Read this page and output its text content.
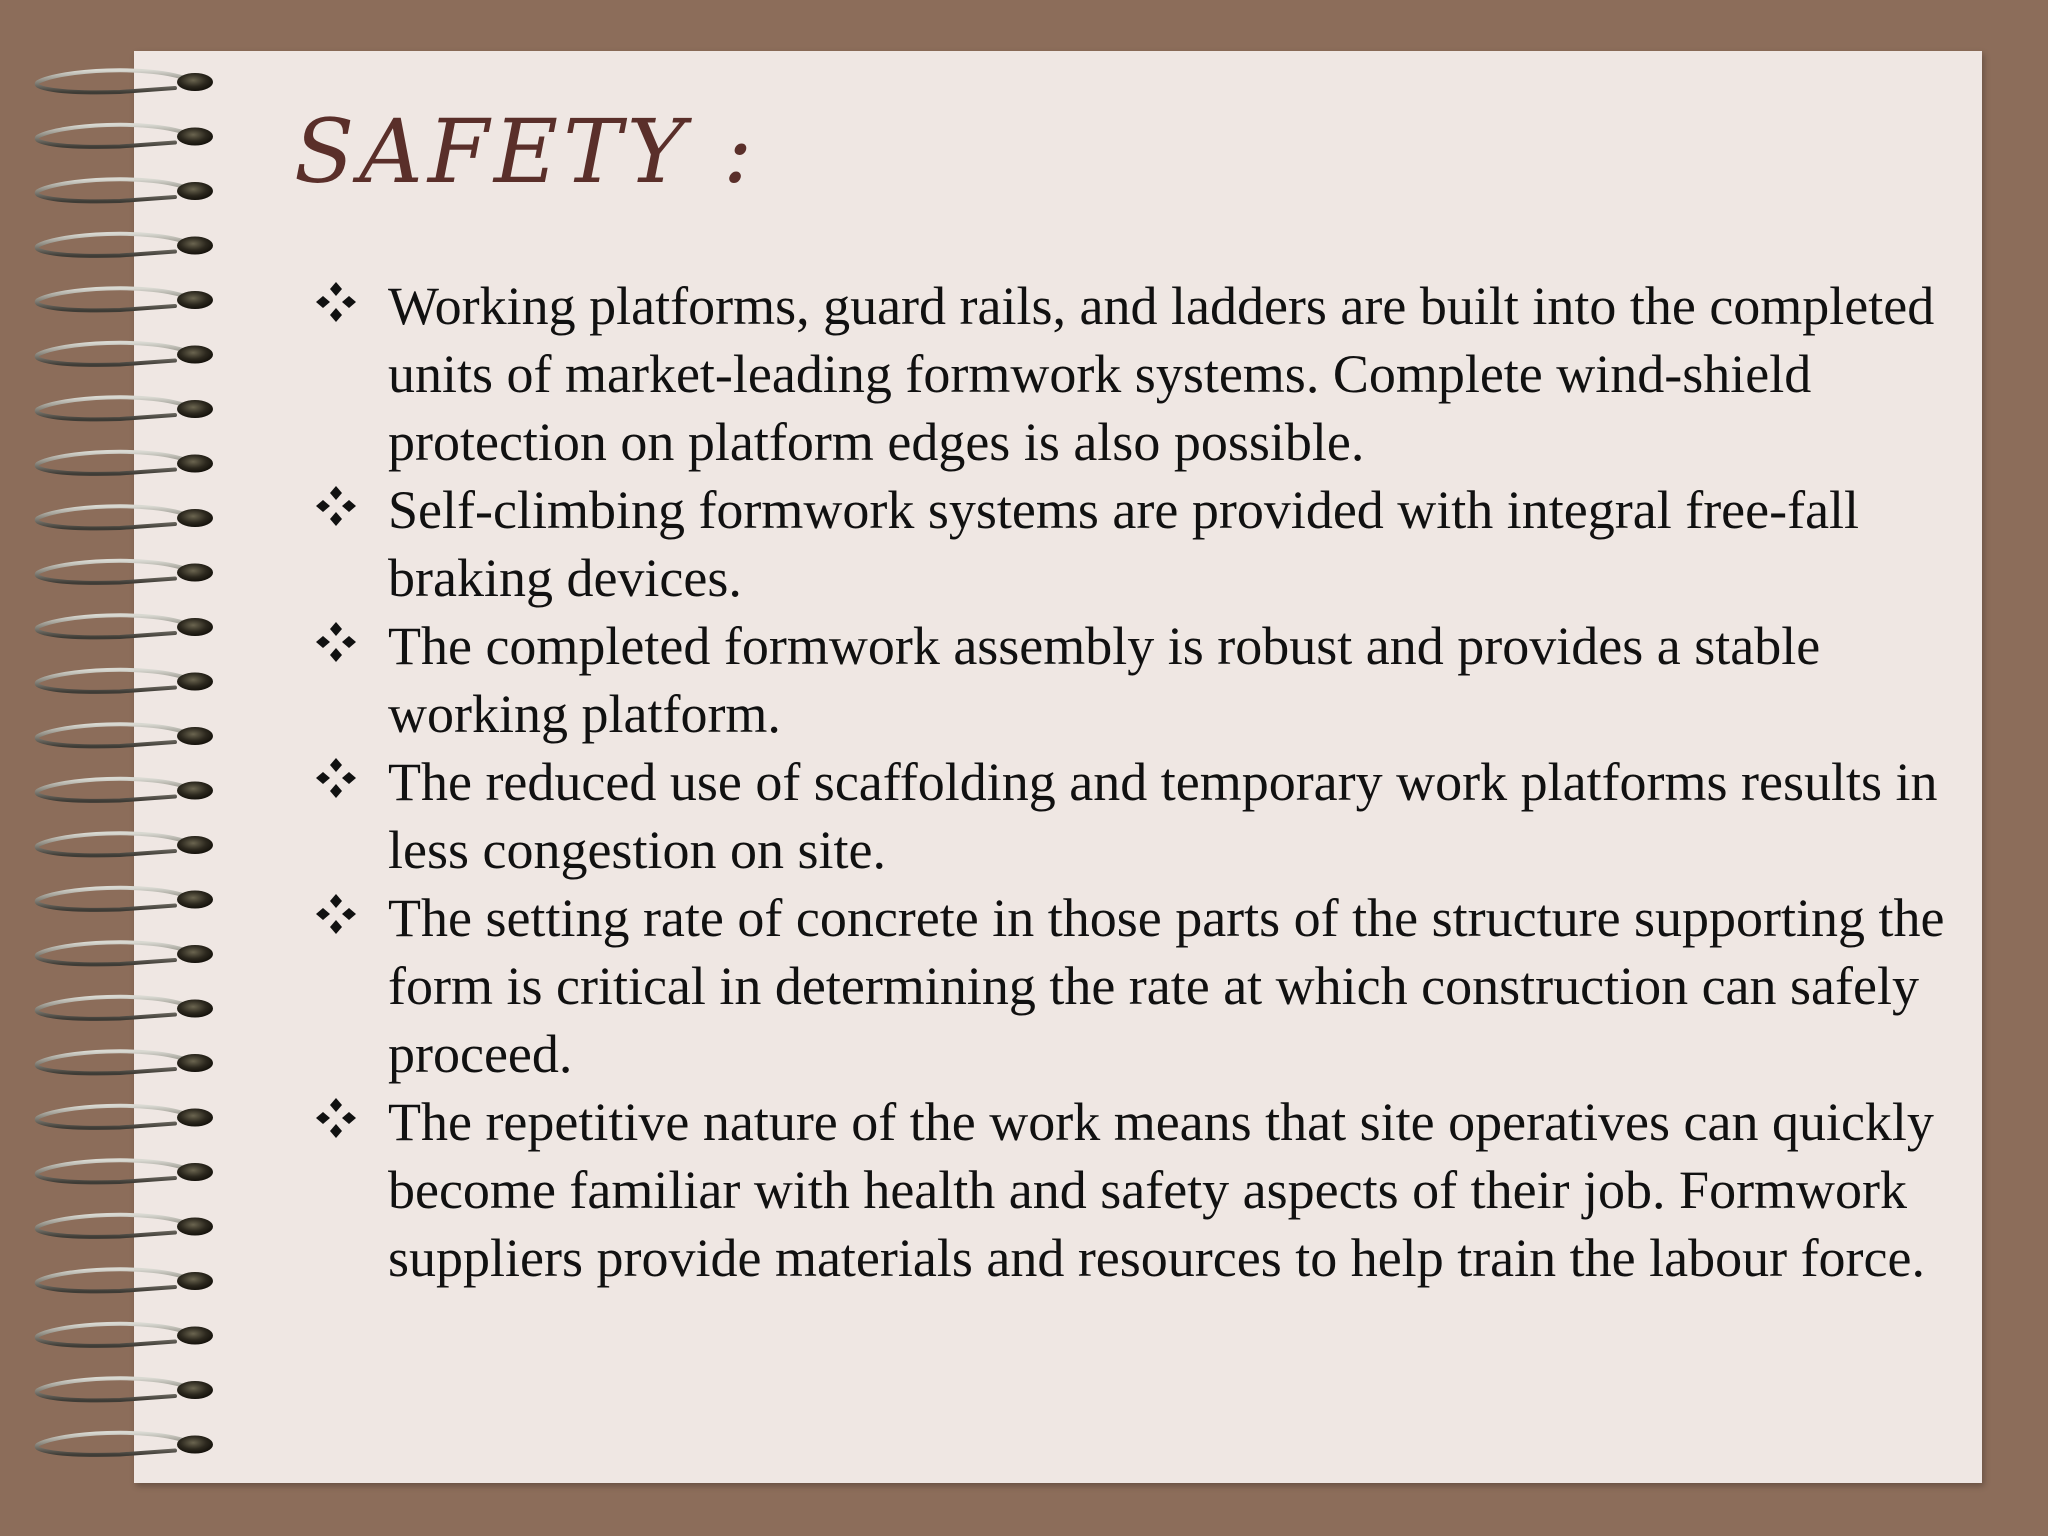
SAFETY :
Working platforms, guard rails, and ladders are built into the completed units of market-leading formwork systems. Complete wind-shield protection on platform edges is also possible.
Self-climbing formwork systems are provided with integral free-fall braking devices.
The completed formwork assembly is robust and provides a stable working platform.
The reduced use of scaffolding and temporary work platforms results in less congestion on site.
The setting rate of concrete in those parts of the structure supporting the form is critical in determining the rate at which construction can safely proceed.
The repetitive nature of the work means that site operatives can quickly become familiar with health and safety aspects of their job. Formwork suppliers provide materials and resources to help train the labour force.
